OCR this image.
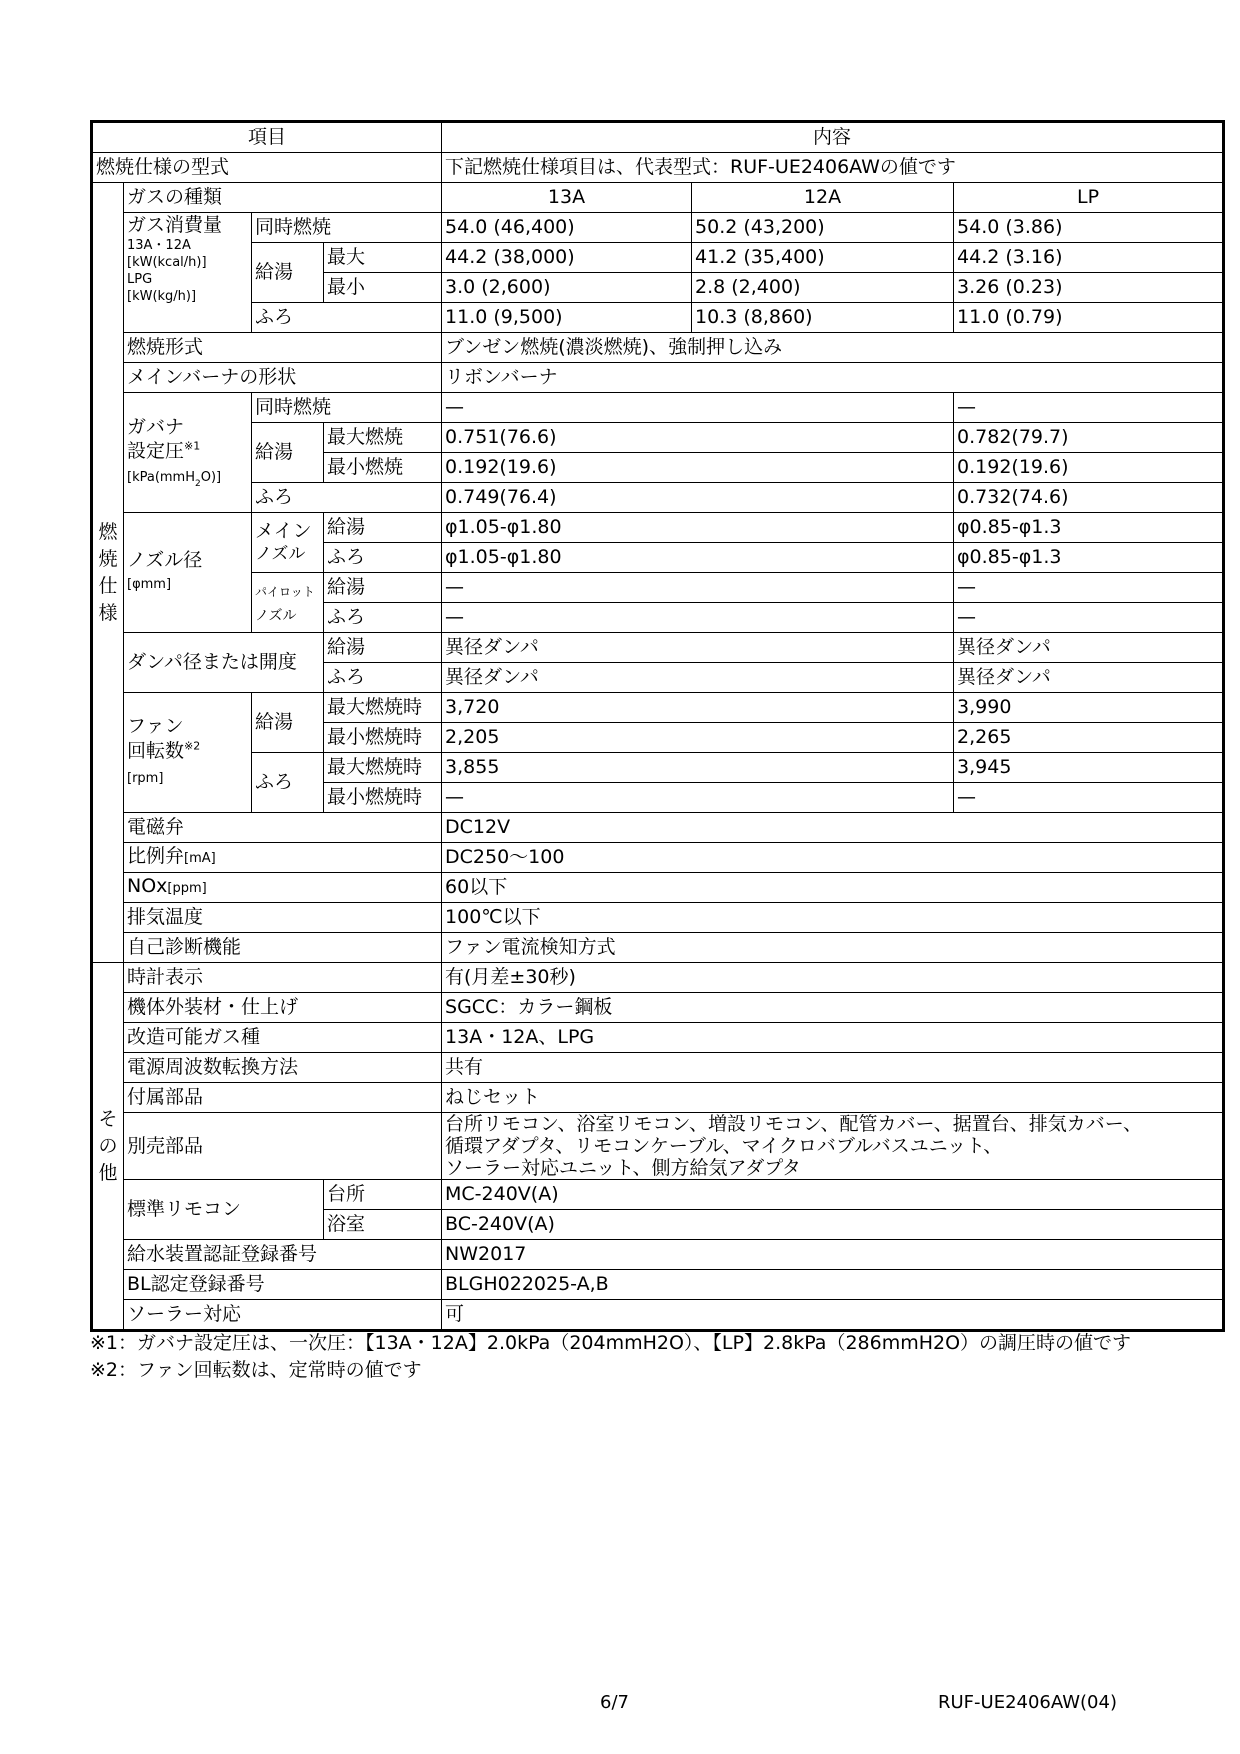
項目				内容		
燃焼仕様の型式				下記燃焼仕様項目は、代表型式：RUF-UE2406AWの値です		
燃
焼
仕
様	ガスの種類			13A	12A	LP
	ガス消費量
13A・12A
[kW(kcal/h)]
LPG
[kW(kg/h)]	同時燃焼		54.0 (46,400)	50.2 (43,200)	54.0 (3.86)
		給湯	最大	44.2 (38,000)	41.2 (35,400)	44.2 (3.16)
			最小	3.0 (2,600)	2.8 (2,400)	3.26 (0.23)
		ふろ		11.0 (9,500)	10.3 (8,860)	11.0 (0.79)
	燃焼形式			ブンゼン燃焼(濃淡燃焼)、強制押し込み		
	メインバーナの形状			リボンバーナ		
	ガバナ
設定圧$^{※1}$
[kPa(mmH$_2$O)]	同時燃焼		—		—
		給湯	最大燃焼	0.751(76.6)		0.782(79.7)
			最小燃焼	0.192(19.6)		0.192(19.6)
		ふろ		0.749(76.4)		0.732(74.6)
	ノズル径
[φmm]	メイン
ノズル	給湯	φ1.05-φ1.80		φ0.85-φ1.3
			ふろ	φ1.05-φ1.80		φ0.85-φ1.3
		パイロット
ノズル	給湯	—		—
			ふろ	—		—
	ダンパ径または開度		給湯	異径ダンパ		異径ダンパ
			ふろ	異径ダンパ		異径ダンパ
	ファン
回転数$^{※2}$
[rpm]	給湯	最大燃焼時	3,720		3,990
			最小燃焼時	2,205		2,265
		ふろ	最大燃焼時	3,855		3,945
			最小燃焼時	—		—
	電磁弁			DC12V		
	比例弁[mA]			DC250～100		
	NOx[ppm]			60以下		
	排気温度			100℃以下		
	自己診断機能			ファン電流検知方式		
そ
の
他	時計表示			有(月差±30秒)		
	機体外装材・仕上げ			SGCC：カラー鋼板		
	改造可能ガス種			13A・12A、LPG		
	電源周波数転換方法			共有		
	付属部品			ねじセット		
	別売部品			台所リモコン、浴室リモコン、増設リモコン、配管カバー、据置台、排気カバー、
循環アダプタ、リモコンケーブル、マイクロバブルバスユニット、
ソーラー対応ユニット、側方給気アダプタ		
	標準リモコン		台所	MC-240V(A)		
			浴室	BC-240V(A)		
	給水装置認証登録番号			NW2017		
	BL認定登録番号			BLGH022025-A,B		
	ソーラー対応			可		
※1：ガバナ設定圧は、一次圧：【13A・12A】2.0kPa（204mmH2O）、【LP】2.8kPa（286mmH2O）の調圧時の値です
※2：ファン回転数は、定常時の値です
6/7	RUF-UE2406AW(04)
